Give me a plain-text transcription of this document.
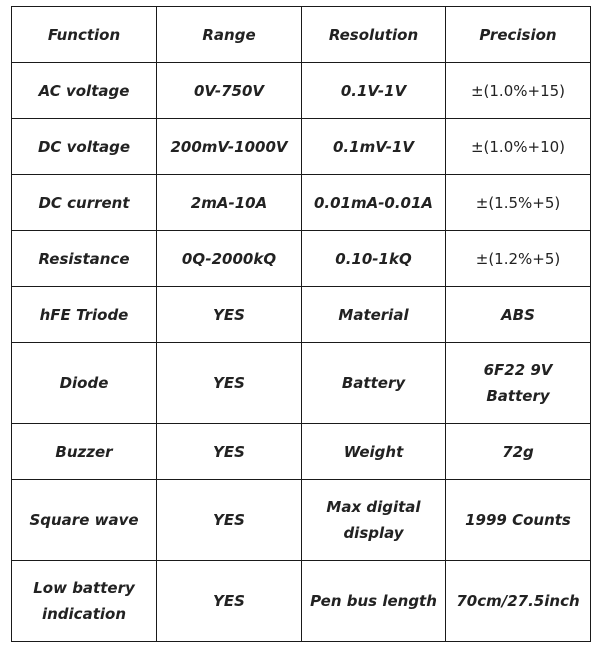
Function	Range	Resolution	Precision
AC voltage	0V-750V	0.1V-1V	±(1.0%+15)
DC voltage	200mV-1000V	0.1mV-1V	±(1.0%+10)
DC current	2mA-10A	0.01mA-0.01A	±(1.5%+5)
Resistance	0Q-2000kQ	0.10-1kQ	±(1.2%+5)
hFE Triode	YES	Material	ABS
Diode	YES	Battery	6F22 9V Battery
Buzzer	YES	Weight	72g
Square wave	YES	Max digital display	1999 Counts
Low battery indication	YES	Pen bus length	70cm/27.5inch
